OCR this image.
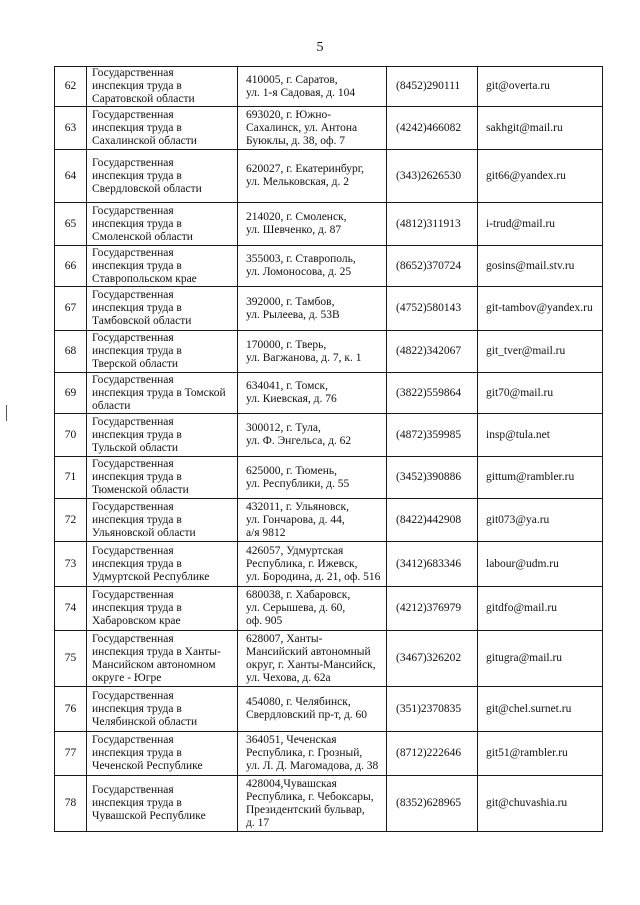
5
62	Государственная
инспекция труда в
Саратовской области	410005, г. Саратов,
ул. 1-я Садовая, д. 104	(8452)290111	git@overta.ru
63	Государственная
инспекция труда в
Сахалинской области	693020, г. Южно-
Сахалинск, ул. Антона
Буюклы, д. 38, оф. 7	(4242)466082	sakhgit@mail.ru
64	Государственная
инспекция труда в
Свердловской области	620027, г. Екатеринбург,
ул. Мельковская, д. 2	(343)2626530	git66@yandex.ru
65	Государственная
инспекция труда в
Смоленской области	214020, г. Смоленск,
ул. Шевченко, д. 87	(4812)311913	i-trud@mail.ru
66	Государственная
инспекция труда в
Ставропольском крае	355003, г. Ставрополь,
ул. Ломоносова, д. 25	(8652)370724	gosins@mail.stv.ru
67	Государственная
инспекция труда в
Тамбовской области	392000, г. Тамбов,
ул. Рылеева, д. 53В	(4752)580143	git-tambov@yandex.ru
68	Государственная
инспекция труда в
Тверской области	170000, г. Тверь,
ул. Вагжанова, д. 7, к. 1	(4822)342067	git_tver@mail.ru
69	Государственная
инспекция труда в Томской
области	634041, г. Томск,
ул. Киевская, д. 76	(3822)559864	git70@mail.ru
70	Государственная
инспекция труда в
Тульской области	300012, г. Тула,
ул. Ф. Энгельса, д. 62	(4872)359985	insp@tula.net
71	Государственная
инспекция труда в
Тюменской области	625000, г. Тюмень,
ул. Республики, д. 55	(3452)390886	gittum@rambler.ru
72	Государственная
инспекция труда в
Ульяновской области	432011, г. Ульяновск,
ул. Гончарова, д. 44,
а/я 9812	(8422)442908	git073@ya.ru
73	Государственная
инспекция труда в
Удмуртской Республике	426057, Удмуртская
Республика, г. Ижевск,
ул. Бородина, д. 21, оф. 516	(3412)683346	labour@udm.ru
74	Государственная
инспекция труда в
Хабаровском крае	680038, г. Хабаровск,
ул. Серышева, д. 60,
оф. 905	(4212)376979	gitdfo@mail.ru
75	Государственная
инспекция труда в Ханты-
Мансийском автономном
округе - Югре	628007, Ханты-
Мансийский автономный
округ, г. Ханты-Мансийск,
ул. Чехова, д. 62а	(3467)326202	gitugra@mail.ru
76	Государственная
инспекция труда в
Челябинской области	454080, г. Челябинск,
Свердловский пр-т, д. 60	(351)2370835	git@chel.surnet.ru
77	Государственная
инспекция труда в
Чеченской Республике	364051, Чеченская
Республика, г. Грозный,
ул. Л. Д. Магомадова, д. 38	(8712)222646	git51@rambler.ru
78	Государственная
инспекция труда в
Чувашской Республике	428004,Чувашская
Республика, г. Чебоксары,
Президентский бульвар,
д. 17	(8352)628965	git@chuvashia.ru
